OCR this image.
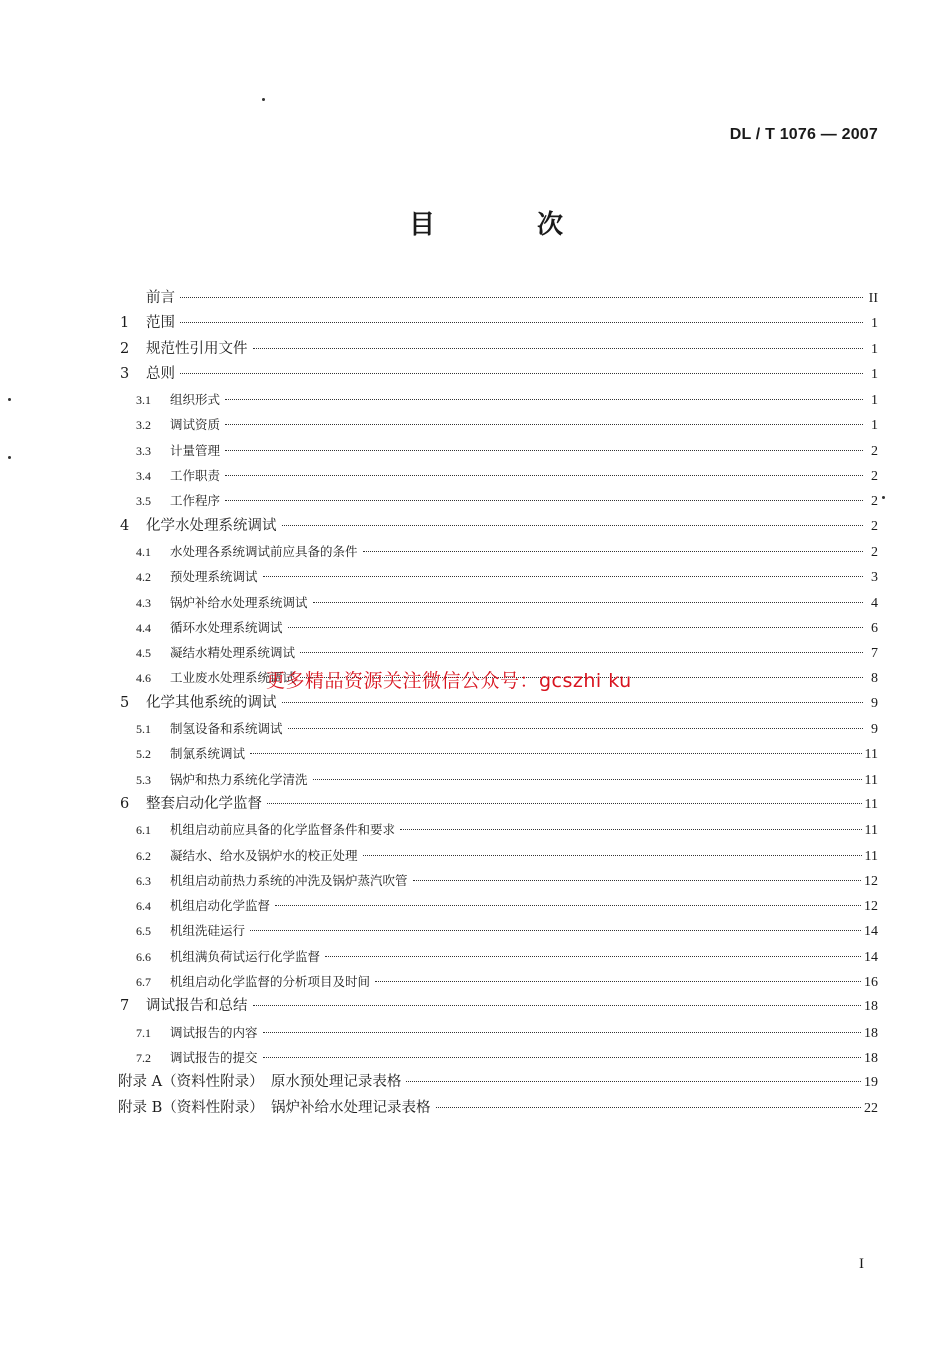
DL / T 1076 — 2007
目　次
前言	II
1	范围	1
2	规范性引用文件	1
3	总则	1
3.1	组织形式	1
3.2	调试资质	1
3.3	计量管理	2
3.4	工作职责	2
3.5	工作程序	2
4	化学水处理系统调试	2
4.1	水处理各系统调试前应具备的条件	2
4.2	预处理系统调试	3
4.3	锅炉补给水处理系统调试	4
4.4	循环水处理系统调试	6
4.5	凝结水精处理系统调试	7
4.6	工业废水处理系统调试	8
5	化学其他系统的调试	9
5.1	制氢设备和系统调试	9
5.2	制氯系统调试	11
5.3	锅炉和热力系统化学清洗	11
6	整套启动化学监督	11
6.1	机组启动前应具备的化学监督条件和要求	11
6.2	凝结水、给水及锅炉水的校正处理	11
6.3	机组启动前热力系统的冲洗及锅炉蒸汽吹管	12
6.4	机组启动化学监督	12
6.5	机组洗硅运行	14
6.6	机组满负荷试运行化学监督	14
6.7	机组启动化学监督的分析项目及时间	16
7	调试报告和总结	18
7.1	调试报告的内容	18
7.2	调试报告的提交	18
附录 A（资料性附录）　原水预处理记录表格	19
附录 B（资料性附录）　锅炉补给水处理记录表格	22
更多精品资源关注微信公众号：gcszhi ku
I
